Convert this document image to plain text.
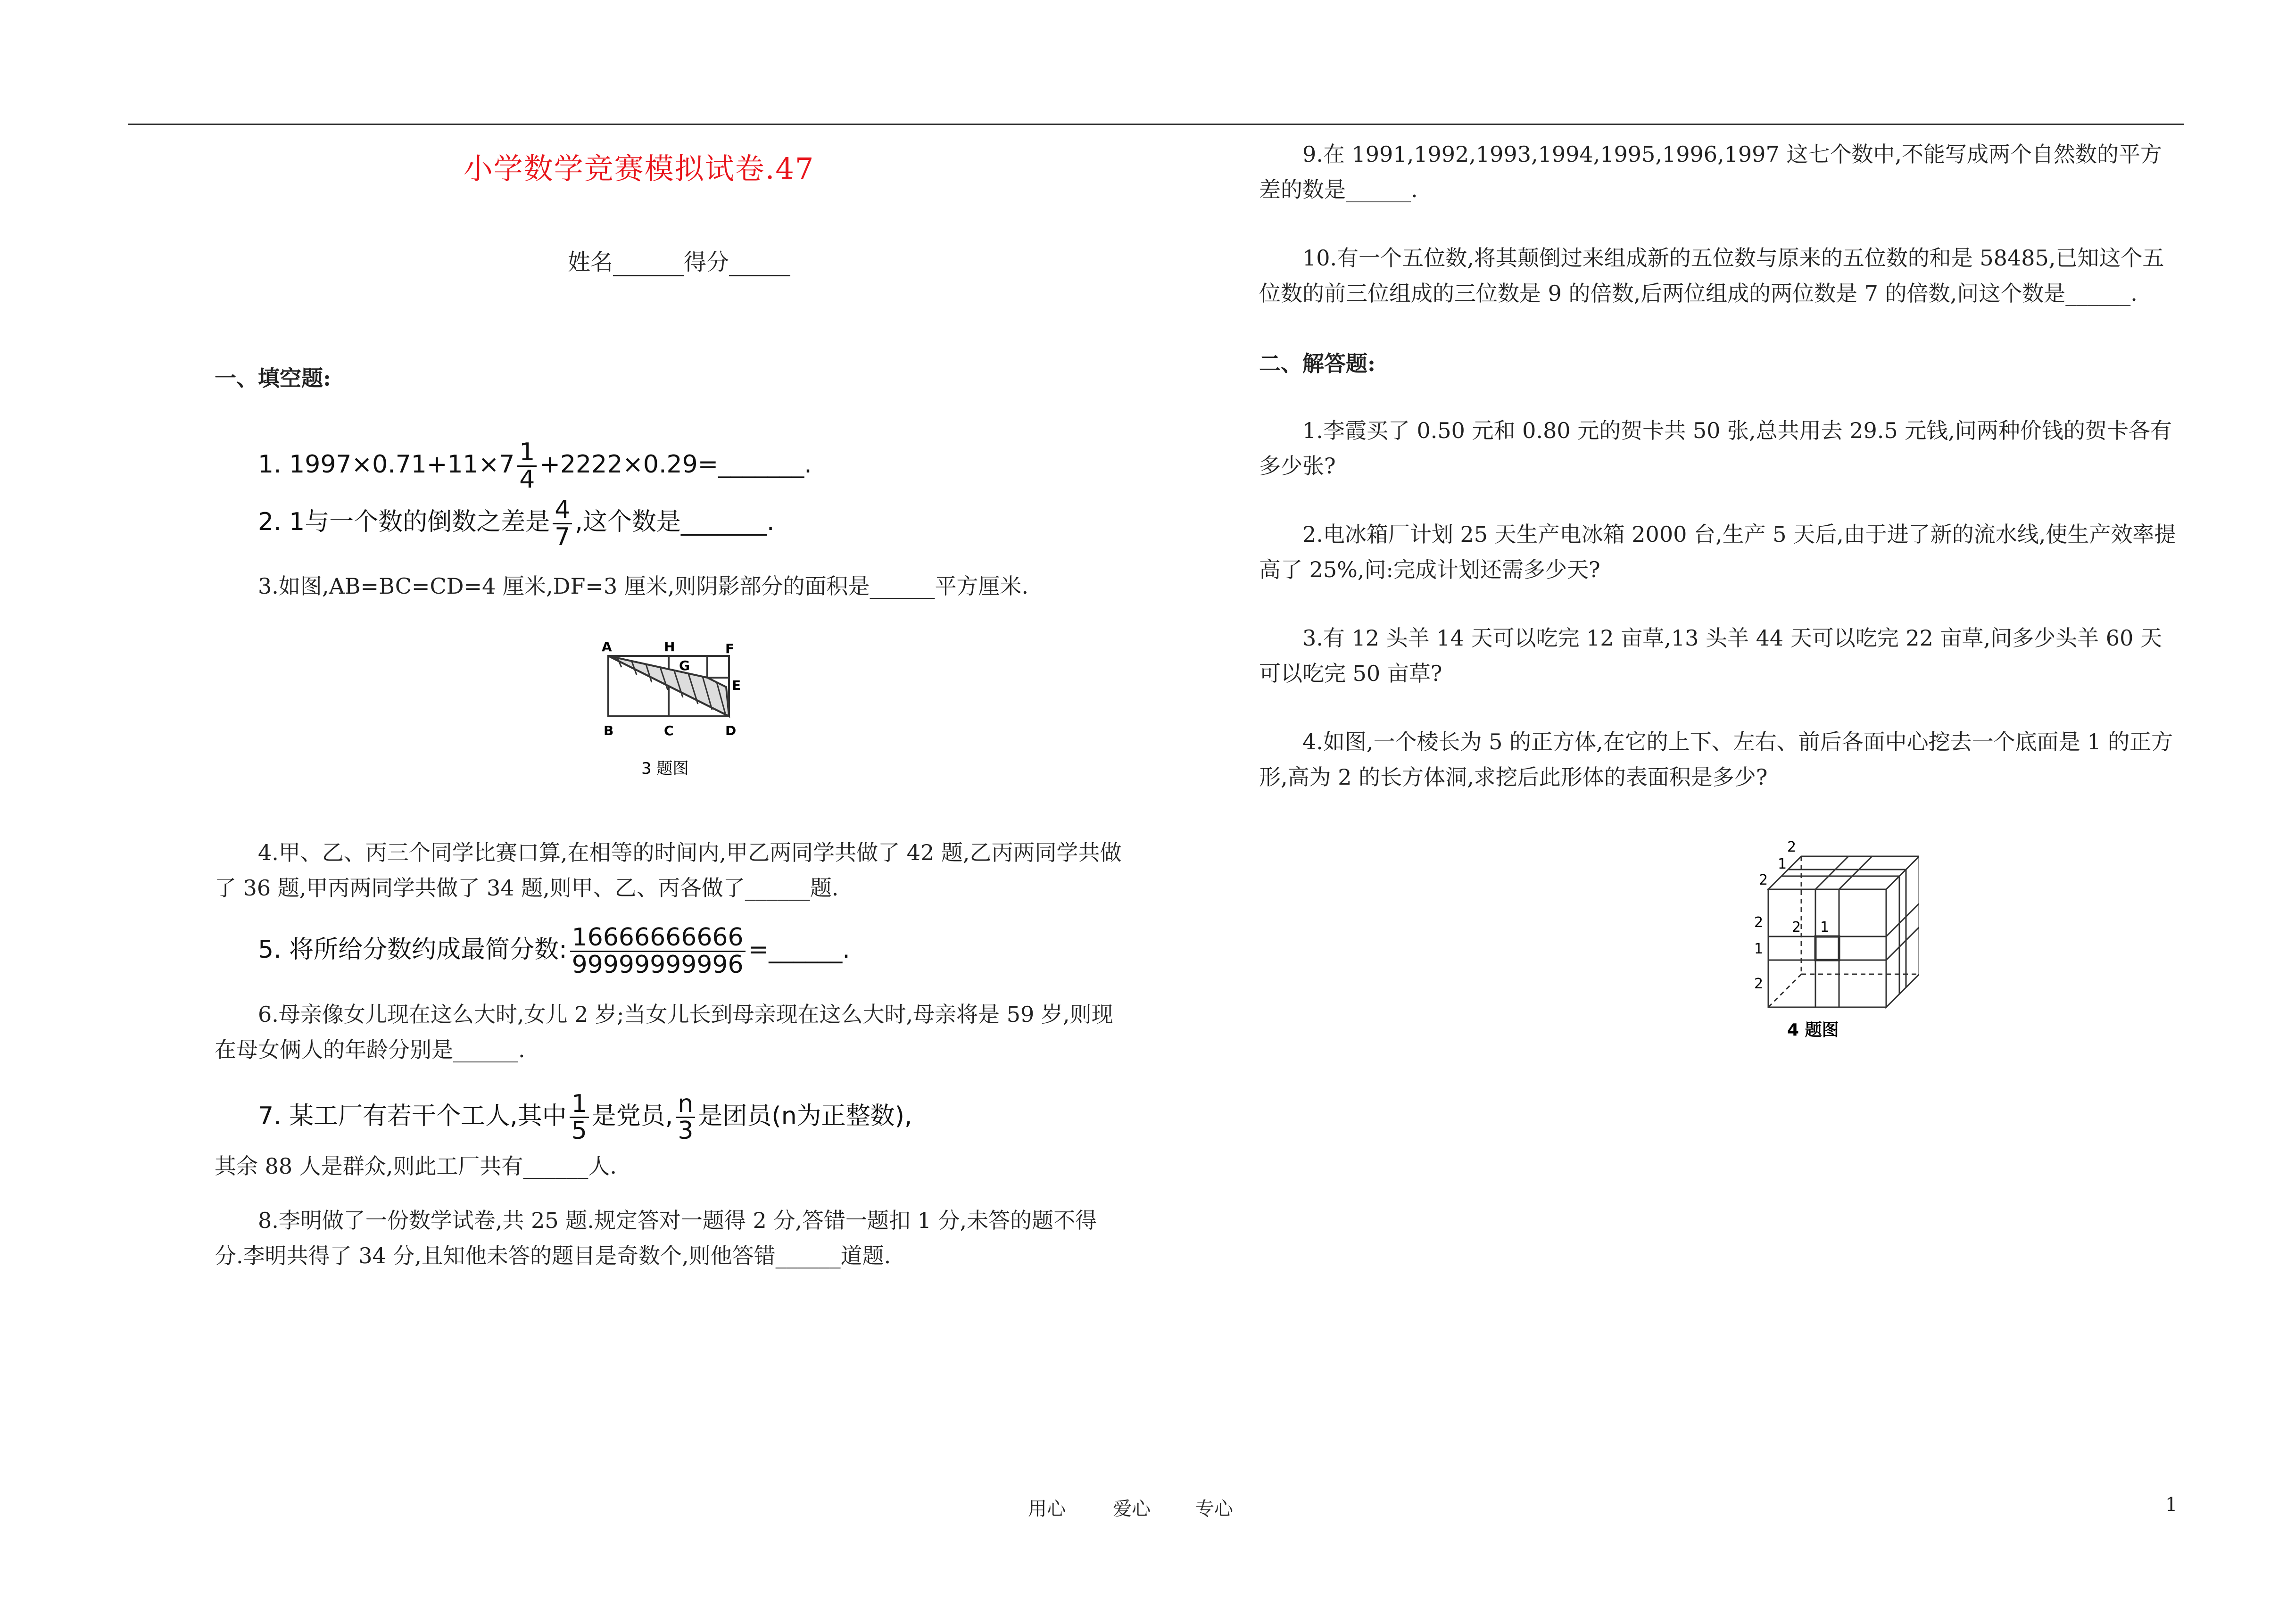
小学数学竞赛模拟试卷.47
姓名	得分
一、填空题:
1. $1997\times 0.71+11\times 7 \frac{1}{4}$ +2222×0.29=_______.
2. 1与一个数的倒数之差是 $\frac{4}{7}$ ,这个数是_______.

3.如图,AB=BC=CD=4 厘米,DF=3 厘米,则阴影部分的面积是______平方厘米.

A	H
G
F
E
B	C	D
3 题图

4.甲、乙、丙三个同学比赛口算,在相等的时间内,甲乙两同学共做了 42 题,乙丙两同学共做了 36 题,甲丙两同学共做了 34 题,则甲、乙、丙各做了______题.

5. 将所给分数约成最简分数: $\frac{16666666666}{99999999996}$ =______.

6.母亲像女儿现在这么大时,女儿 2 岁;当女儿长到母亲现在这么大时,母亲将是 59 岁,则现在母女俩人的年龄分别是______.

7. 某工厂有若干个工人,其中 $\frac{1}{5}$ 是党员, $\frac{n}{3}$ 是团员(n为正整数),

其余 88 人是群众,则此工厂共有______人.

8.李明做了一份数学试卷,共 25 题.规定答对一题得 2 分,答错一题扣 1 分,未答的题不得分.李明共得了 34 分,且知他未答的题目是奇数个,则他答错______道题.

9.在 1991,1992,1993,1994,1995,1996,1997 这七个数中,不能写成两个自然数的平方差的数是______.

10.有一个五位数,将其颠倒过来组成新的五位数与原来的五位数的和是 58485,已知这个五位数的前三位组成的三位数是 9 的倍数,后两位组成的两位数是 7 的倍数,问这个数是______.

二、解答题:

1.李霞买了 0.50 元和 0.80 元的贺卡共 50 张,总共用去 29.5 元钱,问两种价钱的贺卡各有多少张?

2.电冰箱厂计划 25 天生产电冰箱 2000 台,生产 5 天后,由于进了新的流水线,使生产效率提高了 25%,问:完成计划还需多少天?

3.有 12 头羊 14 天可以吃完 12 亩草,13 头羊 44 天可以吃完 22 亩草,问多少头羊 60 天可以吃完 50 亩草?

4.如图,一个棱长为 5 的正方体,在它的上下、左右、前后各面中心挖去一个底面是 1 的正方形,高为 2 的长方体洞,求挖后此形体的表面积是多少?

2
1
2
2 2 1
1
2
4 题图
用心	爱心 专心	1
